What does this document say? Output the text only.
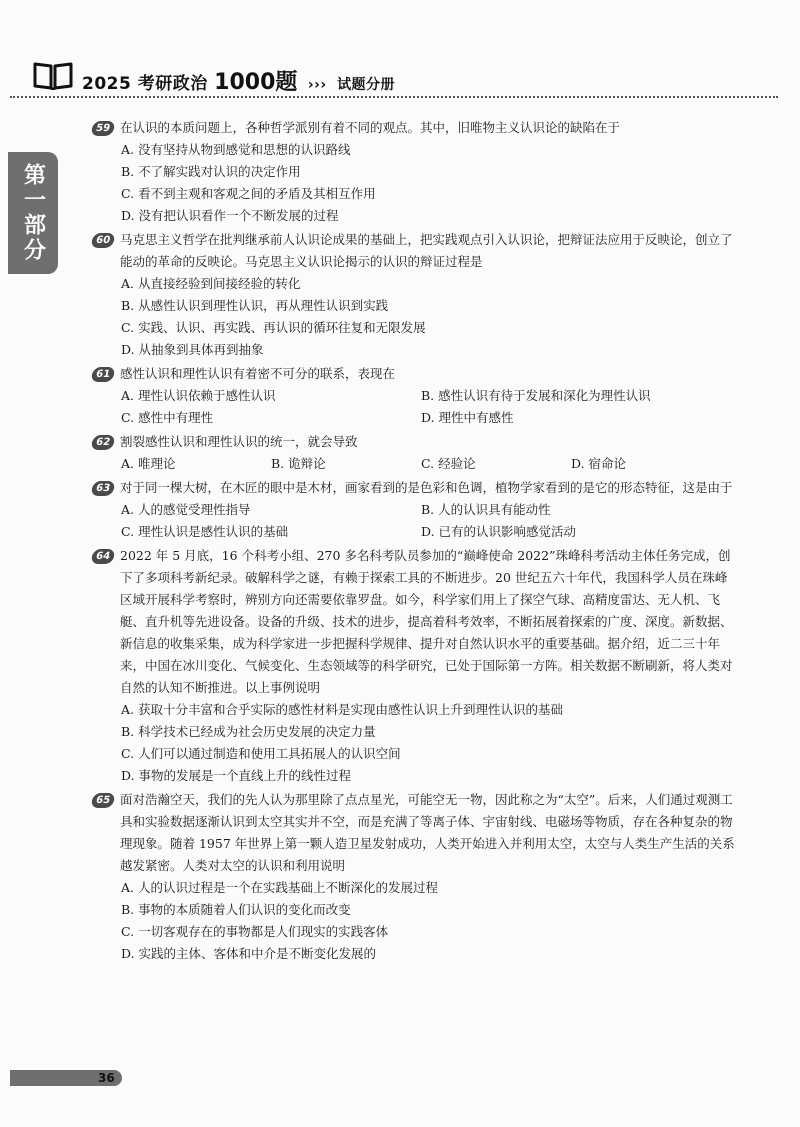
2025 考研政治 1000题 ››› 试题分册
第一部分
59 在认识的本质问题上，各种哲学派别有着不同的观点。其中，旧唯物主义认识论的缺陷在于
A. 没有坚持从物到感觉和思想的认识路线
B. 不了解实践对认识的决定作用
C. 看不到主观和客观之间的矛盾及其相互作用
D. 没有把认识看作一个不断发展的过程
60 马克思主义哲学在批判继承前人认识论成果的基础上，把实践观点引入认识论，把辩证法应用于反映论，创立了能动的革命的反映论。马克思主义认识论揭示的认识的辩证过程是
A. 从直接经验到间接经验的转化
B. 从感性认识到理性认识，再从理性认识到实践
C. 实践、认识、再实践、再认识的循环往复和无限发展
D. 从抽象到具体再到抽象
61 感性认识和理性认识有着密不可分的联系，表现在
A. 理性认识依赖于感性认识	B. 感性认识有待于发展和深化为理性认识
C. 感性中有理性	D. 理性中有感性
62 割裂感性认识和理性认识的统一，就会导致
A. 唯理论	B. 诡辩论	C. 经验论	D. 宿命论
63 对于同一棵大树，在木匠的眼中是木材，画家看到的是色彩和色调，植物学家看到的是它的形态特征，这是由于
A. 人的感觉受理性指导	B. 人的认识具有能动性
C. 理性认识是感性认识的基础	D. 已有的认识影响感觉活动
64 2022 年 5 月底，16 个科考小组、270 多名科考队员参加的“巅峰使命 2022”珠峰科考活动主体任务完成，创下了多项科考新纪录。破解科学之谜，有赖于探索工具的不断进步。20 世纪五六十年代，我国科学人员在珠峰区域开展科学考察时，辨别方向还需要依靠罗盘。如今，科学家们用上了探空气球、高精度雷达、无人机、飞艇、直升机等先进设备。设备的升级、技术的进步，提高着科考效率，不断拓展着探索的广度、深度。新数据、新信息的收集采集，成为科学家进一步把握科学规律、提升对自然认识水平的重要基础。据介绍，近二三十年来，中国在冰川变化、气候变化、生态领域等的科学研究，已处于国际第一方阵。相关数据不断刷新，将人类对自然的认知不断推进。以上事例说明
A. 获取十分丰富和合乎实际的感性材料是实现由感性认识上升到理性认识的基础
B. 科学技术已经成为社会历史发展的决定力量
C. 人们可以通过制造和使用工具拓展人的认识空间
D. 事物的发展是一个直线上升的线性过程
65 面对浩瀚空天，我们的先人认为那里除了点点星光，可能空无一物，因此称之为“太空”。后来，人们通过观测工具和实验数据逐渐认识到太空其实并不空，而是充满了等离子体、宇宙射线、电磁场等物质，存在各种复杂的物理现象。随着 1957 年世界上第一颗人造卫星发射成功，人类开始进入并利用太空，太空与人类生产生活的关系越发紧密。人类对太空的认识和利用说明
A. 人的认识过程是一个在实践基础上不断深化的发展过程
B. 事物的本质随着人们认识的变化而改变
C. 一切客观存在的事物都是人们现实的实践客体
D. 实践的主体、客体和中介是不断变化发展的
36
